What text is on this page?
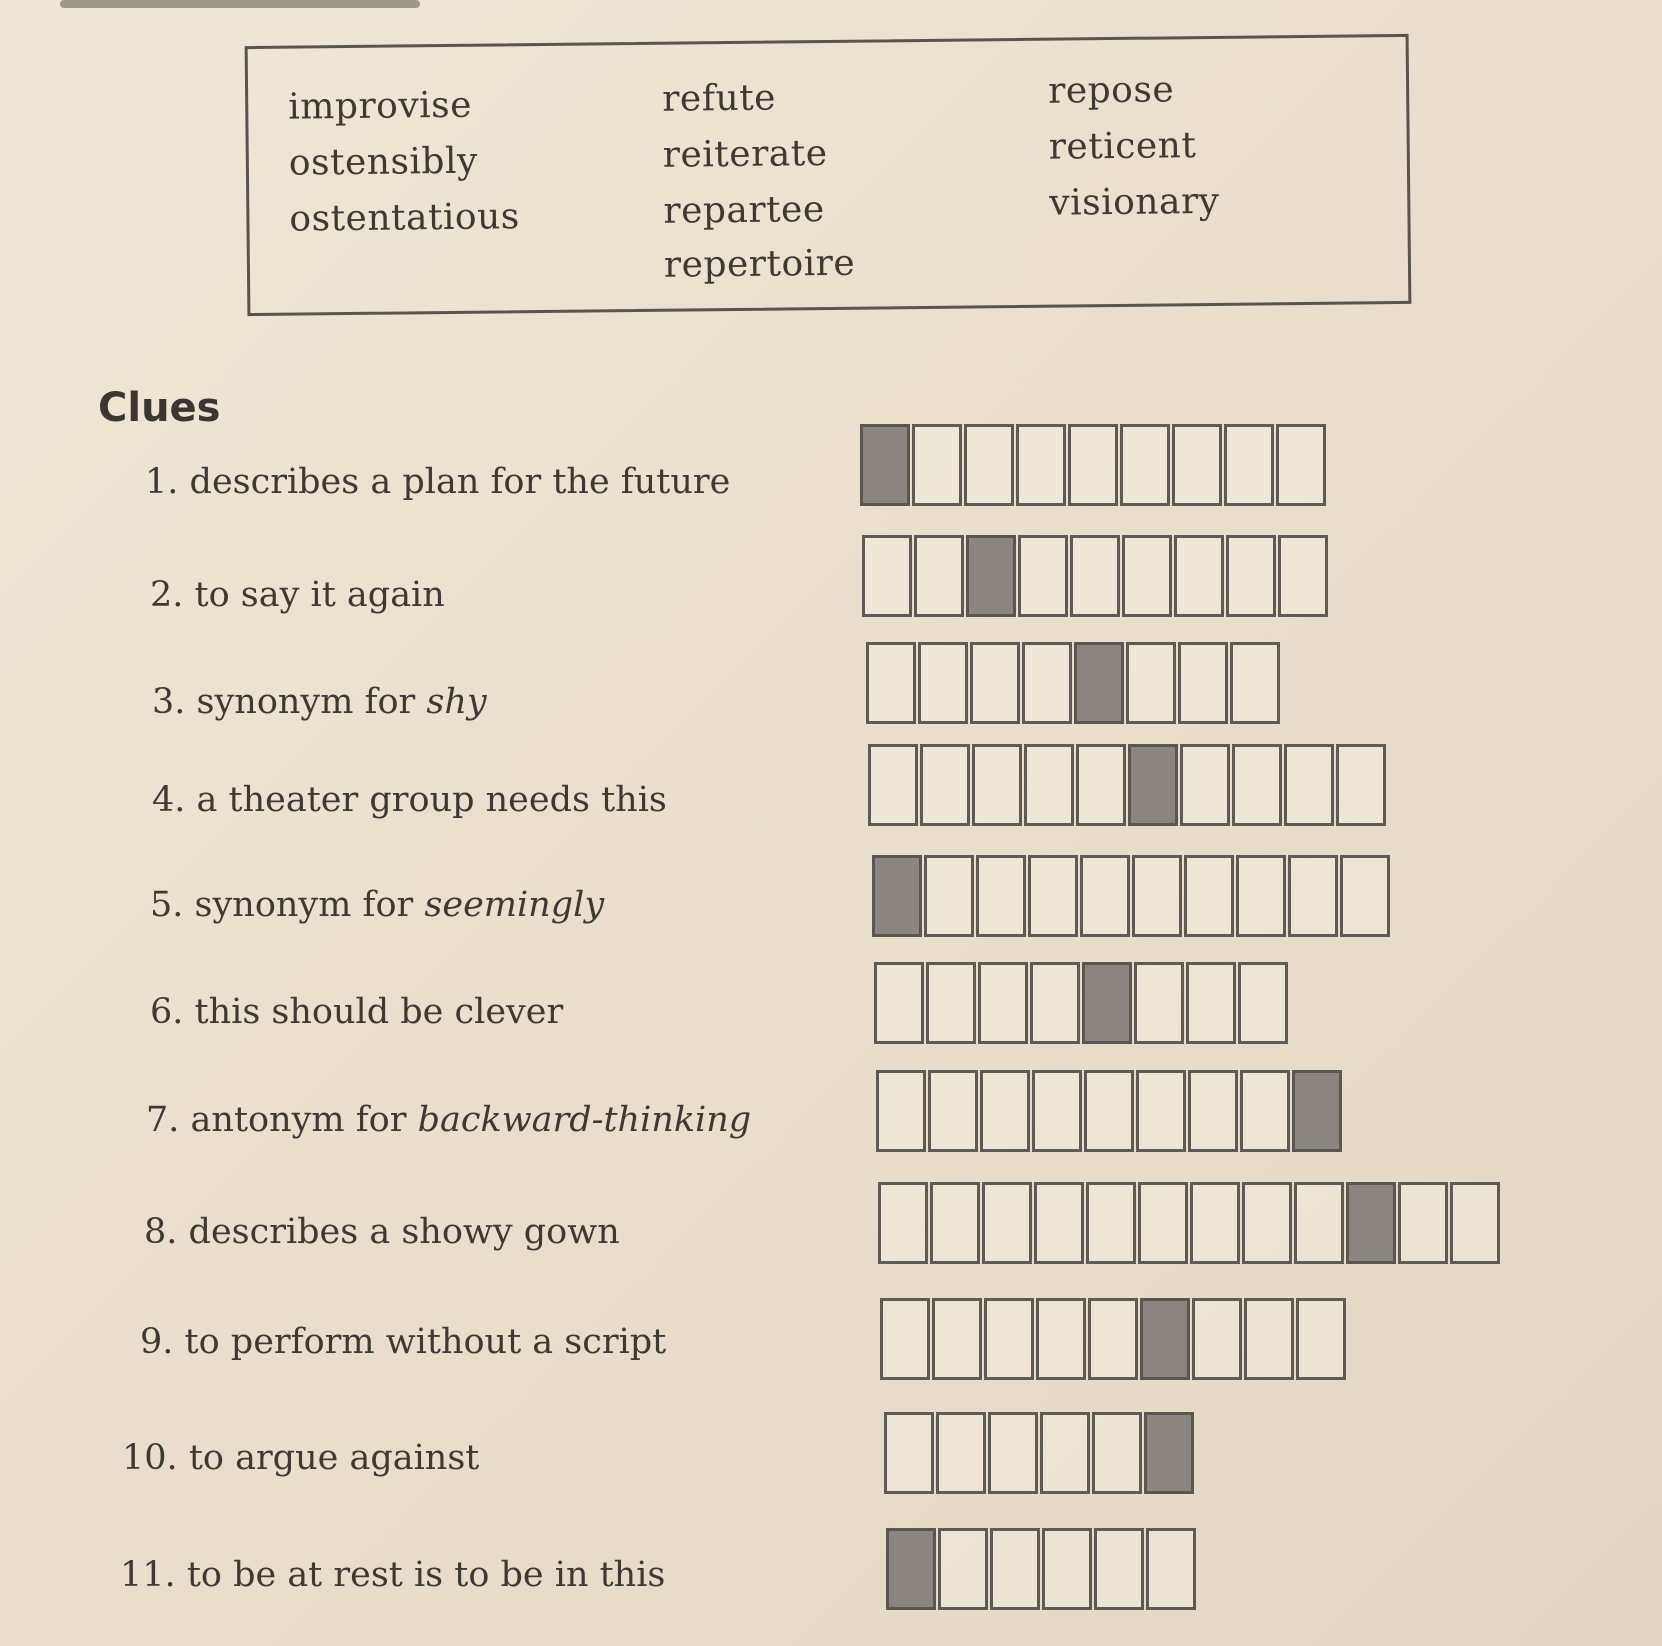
improvise	refute	repose
ostensibly	reiterate	reticent
ostentatious	repartee	visionary
repertoire
Clues
1. describes a plan for the future
2. to say it again
3. synonym for shy
4. a theater group needs this
5. synonym for seemingly
6. this should be clever
7. antonym for backward-thinking
8. describes a showy gown
9. to perform without a script
10. to argue against
11. to be at rest is to be in this
